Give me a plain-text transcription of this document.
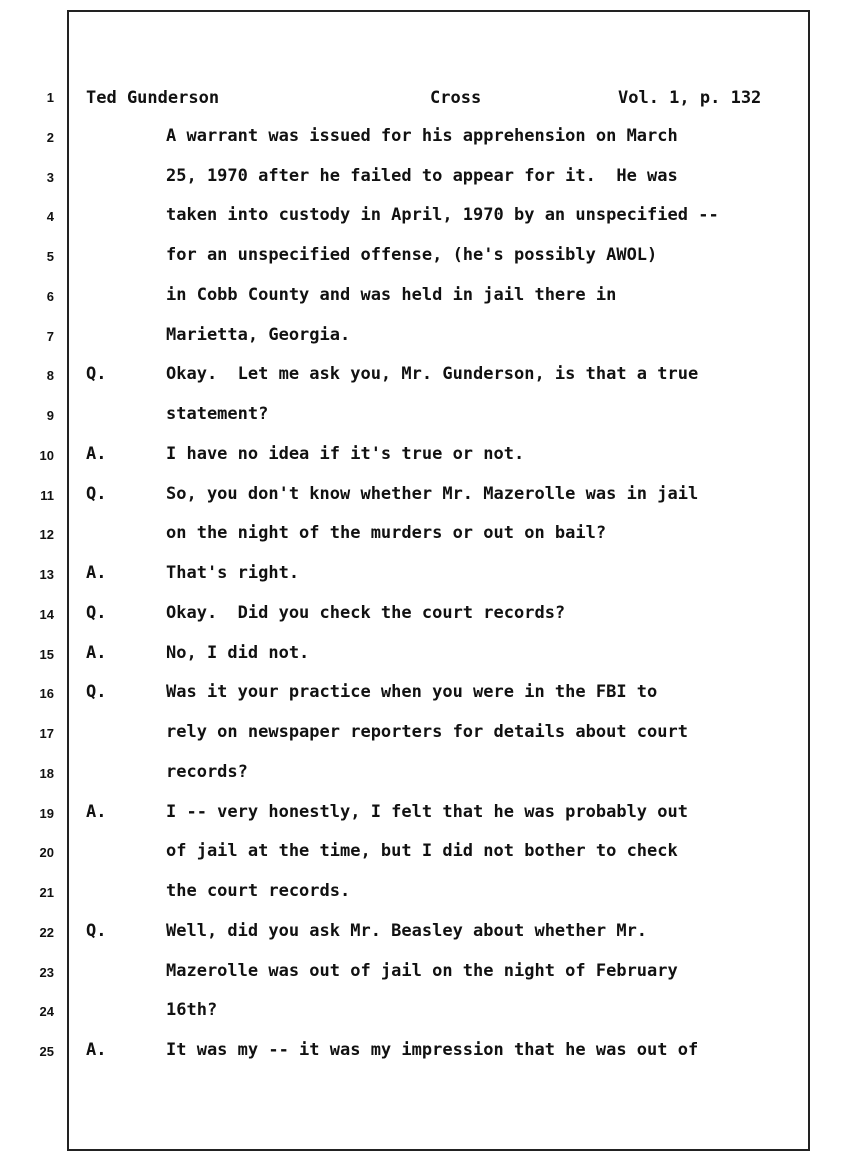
Ted Gunderson	Cross	Vol. 1, p. 132
1
2	A warrant was issued for his apprehension on March
3	25, 1970 after he failed to appear for it.  He was
4	taken into custody in April, 1970 by an unspecified --
5	for an unspecified offense, (he's possibly AWOL)
6	in Cobb County and was held in jail there in
7	Marietta, Georgia.
8 Q.	Okay.  Let me ask you, Mr. Gunderson, is that a true
9	statement?
10 A.	I have no idea if it's true or not.
11 Q.	So, you don't know whether Mr. Mazerolle was in jail
12	on the night of the murders or out on bail?
13 A.	That's right.
14 Q.	Okay.  Did you check the court records?
15 A.	No, I did not.
16 Q.	Was it your practice when you were in the FBI to
17	rely on newspaper reporters for details about court
18	records?
19 A.	I -- very honestly, I felt that he was probably out
20	of jail at the time, but I did not bother to check
21	the court records.
22 Q.	Well, did you ask Mr. Beasley about whether Mr.
23	Mazerolle was out of jail on the night of February
24	16th?
25 A.	It was my -- it was my impression that he was out of
